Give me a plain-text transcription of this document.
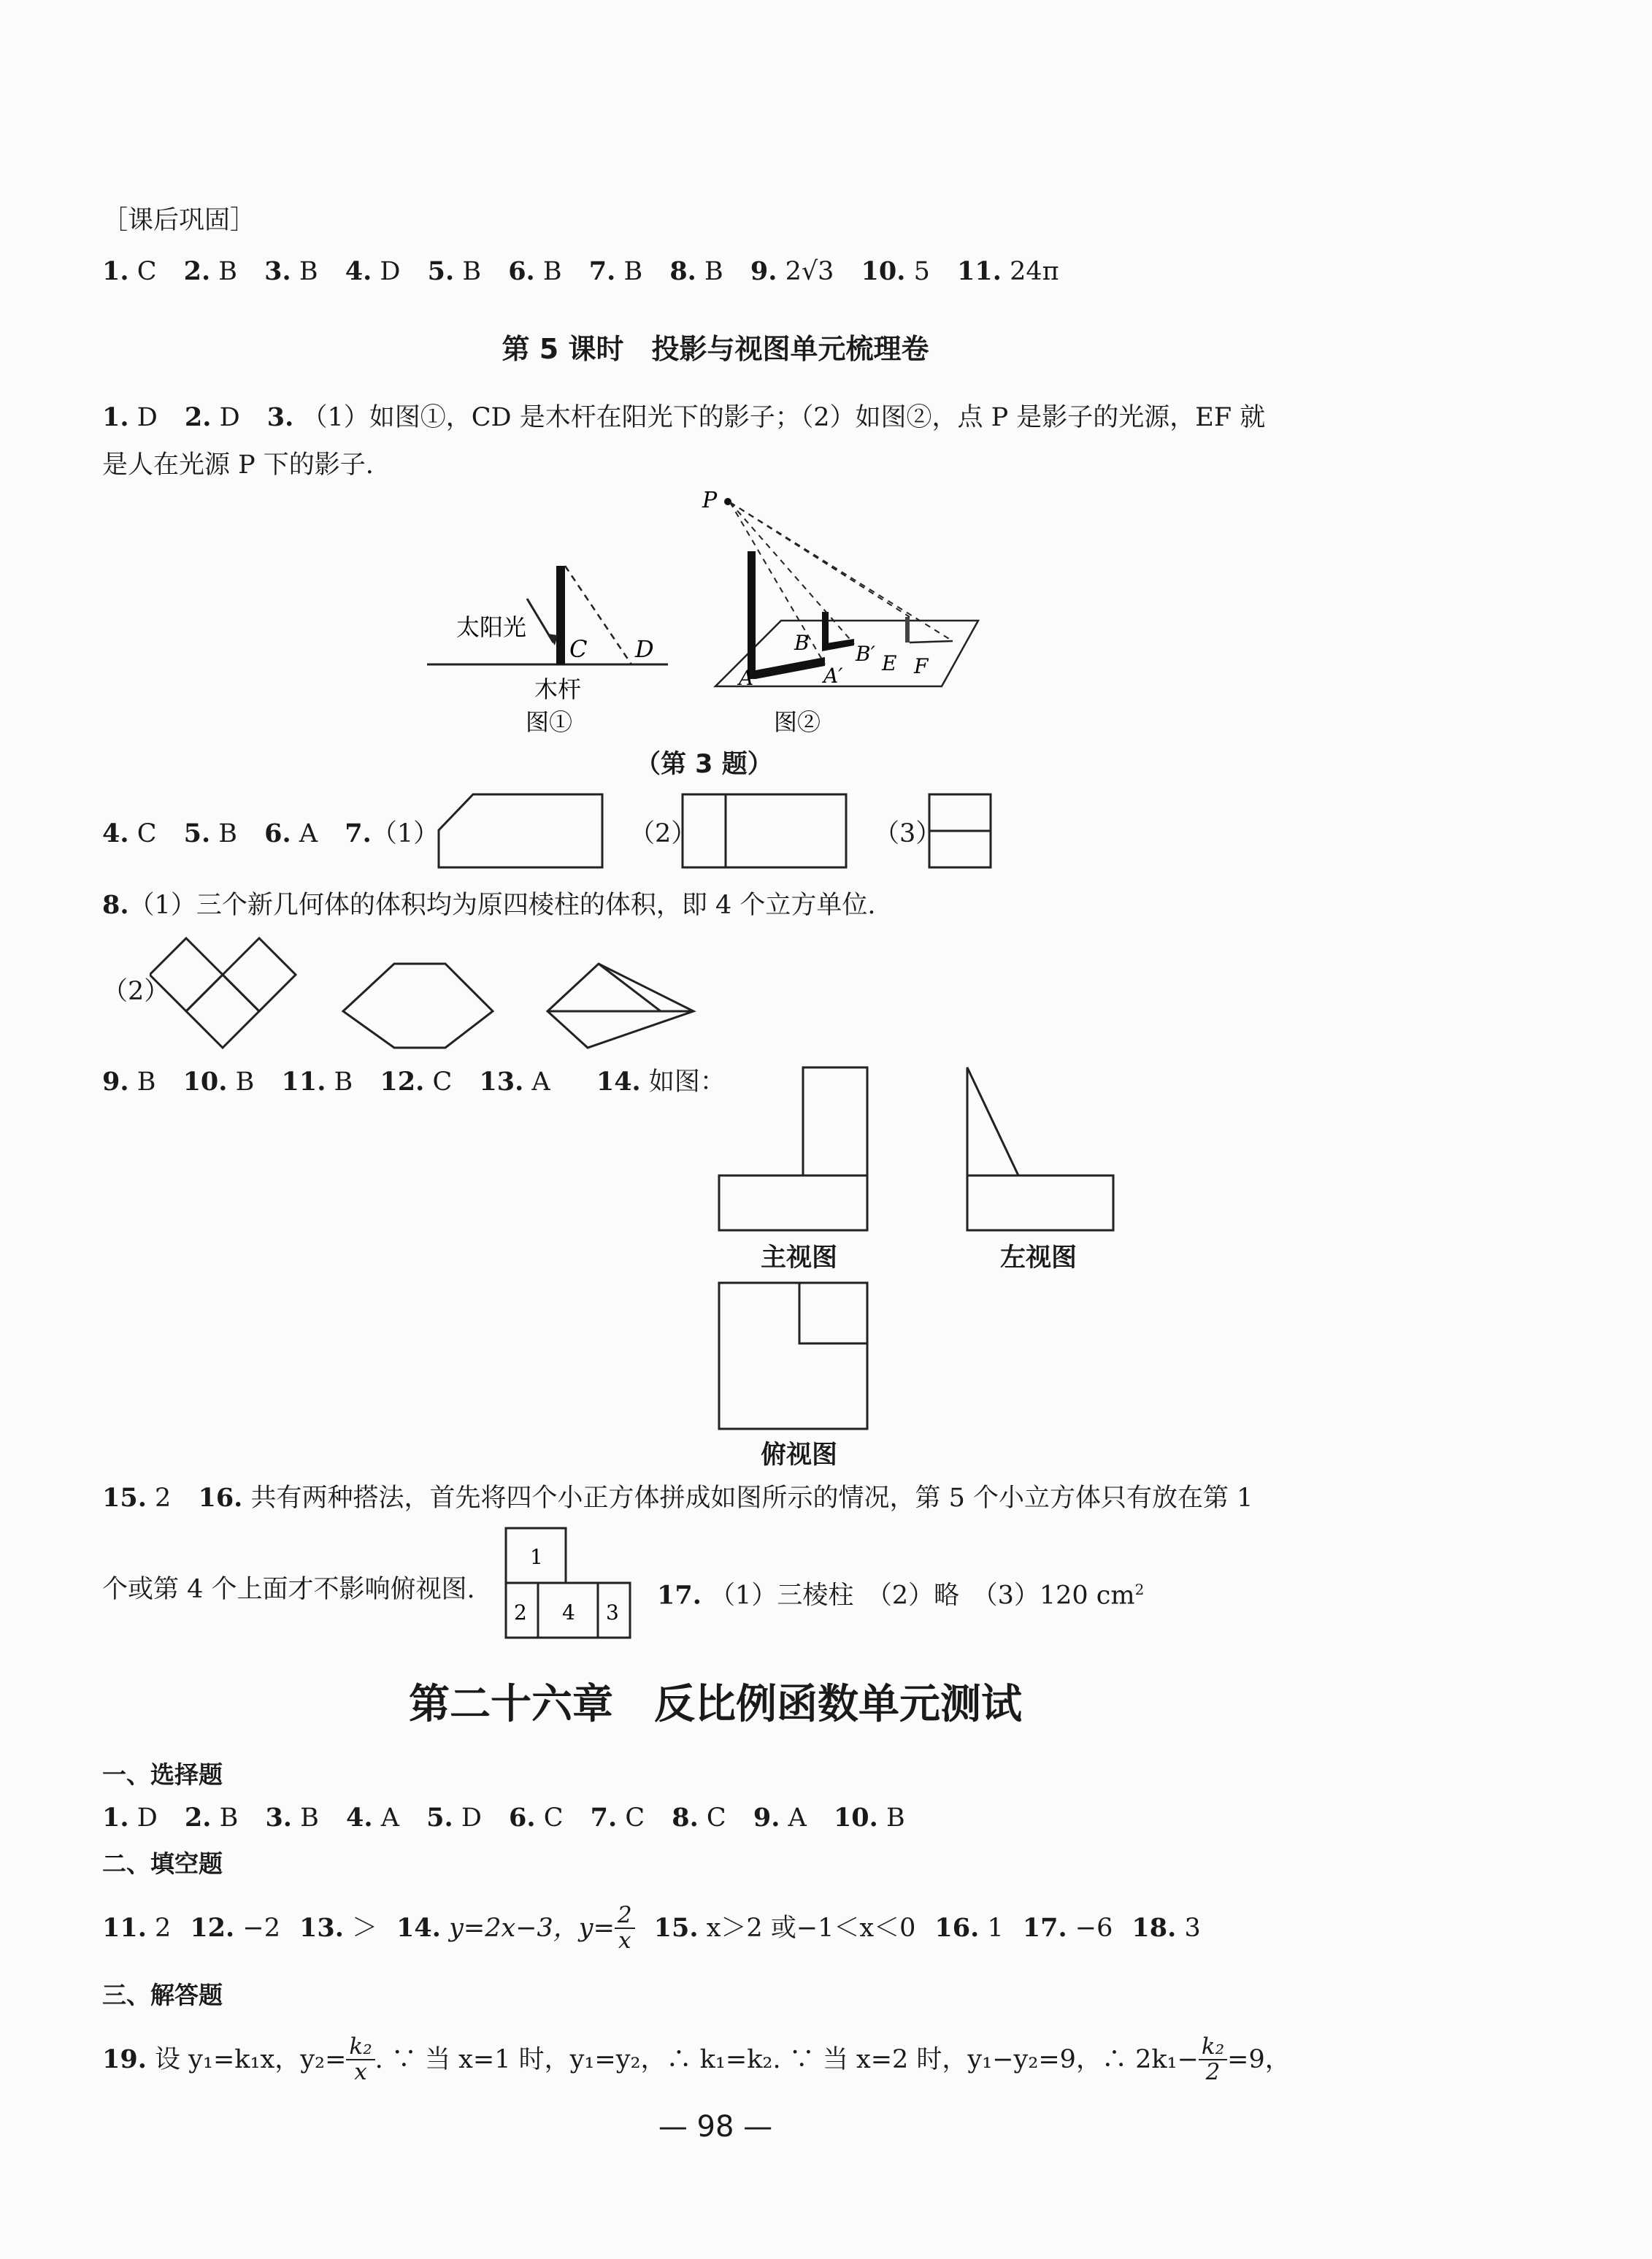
［课后巩固］
1. C 2. B 3. B 4. D 5. B 6. B 7. B 8. B 9. 2√3 10. 5 11. 24π
第 5 课时　投影与视图单元梳理卷
1. D 2. D 3. （1）如图①，CD 是木杆在阳光下的影子；（2）如图②，点 P 是影子的光源，EF 就
是人在光源 P 下的影子.
太阳光
C D
木杆
图①
P
A
B
A′
B′ E F
图②
（第 3 题）
4. C 5. B 6. A 7.（1）	（2）	（3）
8.（1）三个新几何体的体积均为原四棱柱的体积，即 4 个立方单位.
（2）
9. B 10. B 11. B 12. C 13. A 14. 如图：
主视图	左视图
俯视图
15. 2 16. 共有两种搭法，首先将四个小正方体拼成如图所示的情况，第 5 个小立方体只有放在第 1
个或第 4 个上面才不影响俯视图.
1
2 4 3
17. （1）三棱柱　（2）略　（3）120 $cm^2$
第二十六章　反比例函数单元测试
一、选择题
1. D 2. B 3. B 4. A 5. D 6. C 7. C 8. C 9. A 10. B
二、填空题
11.
2 12.
−2 13.
＞ 14.
y=2x−3，$y= \frac{2}{x} 15$.
x＞2 或−1＜x＜0 16.
1 17.
−6 18.
3
三、解答题
19.
设 y₁=k₁x，$y_2= \frac{\text{k₂}}{x}$ . ∵ 当 x=1 时，y₁=y₂，∴ k₁=k₂. ∵ 当 x=2 时，y₁−y₂=9，∴ $2k_1- \frac{\text{k₂}}{2} =9$，
— 98 —
